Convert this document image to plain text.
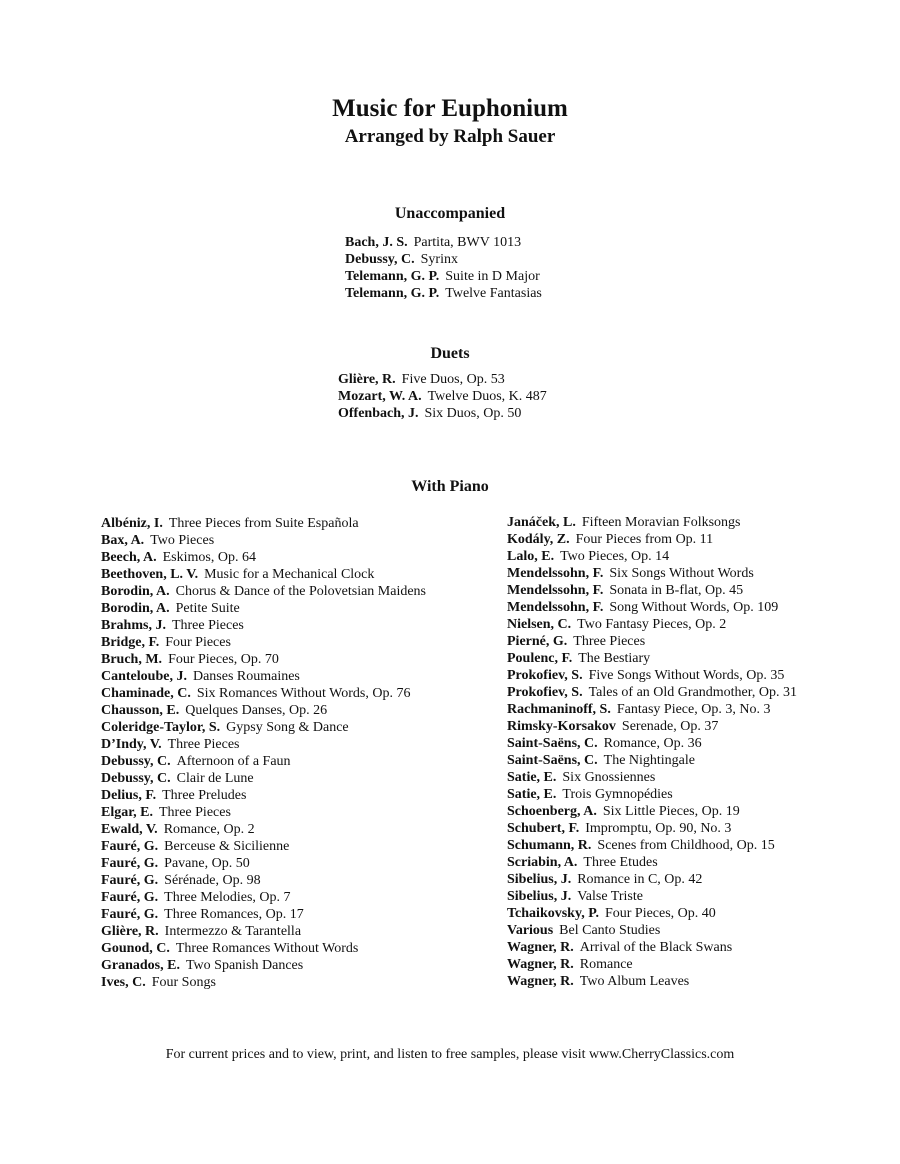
Music for Euphonium
Arranged by Ralph Sauer
Unaccompanied
Bach, J. S. Partita, BWV 1013
Debussy, C. Syrinx
Telemann, G. P. Suite in D Major
Telemann, G. P. Twelve Fantasias
Duets
Glière, R. Five Duos, Op. 53
Mozart, W. A. Twelve Duos, K. 487
Offenbach, J. Six Duos, Op. 50
With Piano
Albéniz, I. Three Pieces from Suite Española
Bax, A. Two Pieces
Beech, A. Eskimos, Op. 64
Beethoven, L. V. Music for a Mechanical Clock
Borodin, A. Chorus & Dance of the Polovetsian Maidens
Borodin, A. Petite Suite
Brahms, J. Three Pieces
Bridge, F. Four Pieces
Bruch, M. Four Pieces, Op. 70
Canteloube, J. Danses Roumaines
Chaminade, C. Six Romances Without Words, Op. 76
Chausson, E. Quelques Danses, Op. 26
Coleridge-Taylor, S. Gypsy Song & Dance
D’Indy, V. Three Pieces
Debussy, C. Afternoon of a Faun
Debussy, C. Clair de Lune
Delius, F. Three Preludes
Elgar, E. Three Pieces
Ewald, V. Romance, Op. 2
Fauré, G. Berceuse & Sicilienne
Fauré, G. Pavane, Op. 50
Fauré, G. Sérénade, Op. 98
Fauré, G. Three Melodies, Op. 7
Fauré, G. Three Romances, Op. 17
Glière, R. Intermezzo & Tarantella
Gounod, C. Three Romances Without Words
Granados, E. Two Spanish Dances
Ives, C. Four Songs
Janáček, L. Fifteen Moravian Folksongs
Kodály, Z. Four Pieces from Op. 11
Lalo, E. Two Pieces, Op. 14
Mendelssohn, F. Six Songs Without Words
Mendelssohn, F. Sonata in B-flat, Op. 45
Mendelssohn, F. Song Without Words, Op. 109
Nielsen, C. Two Fantasy Pieces, Op. 2
Pierné, G. Three Pieces
Poulenc, F. The Bestiary
Prokofiev, S. Five Songs Without Words, Op. 35
Prokofiev, S. Tales of an Old Grandmother, Op. 31
Rachmaninoff, S. Fantasy Piece, Op. 3, No. 3
Rimsky-Korsakov Serenade, Op. 37
Saint-Saëns, C. Romance, Op. 36
Saint-Saëns, C. The Nightingale
Satie, E. Six Gnossiennes
Satie, E. Trois Gymnopédies
Schoenberg, A. Six Little Pieces, Op. 19
Schubert, F. Impromptu, Op. 90, No. 3
Schumann, R. Scenes from Childhood, Op. 15
Scriabin, A. Three Etudes
Sibelius, J. Romance in C, Op. 42
Sibelius, J. Valse Triste
Tchaikovsky, P. Four Pieces, Op. 40
Various Bel Canto Studies
Wagner, R. Arrival of the Black Swans
Wagner, R. Romance
Wagner, R. Two Album Leaves
For current prices and to view, print, and listen to free samples, please visit www.CherryClassics.com
